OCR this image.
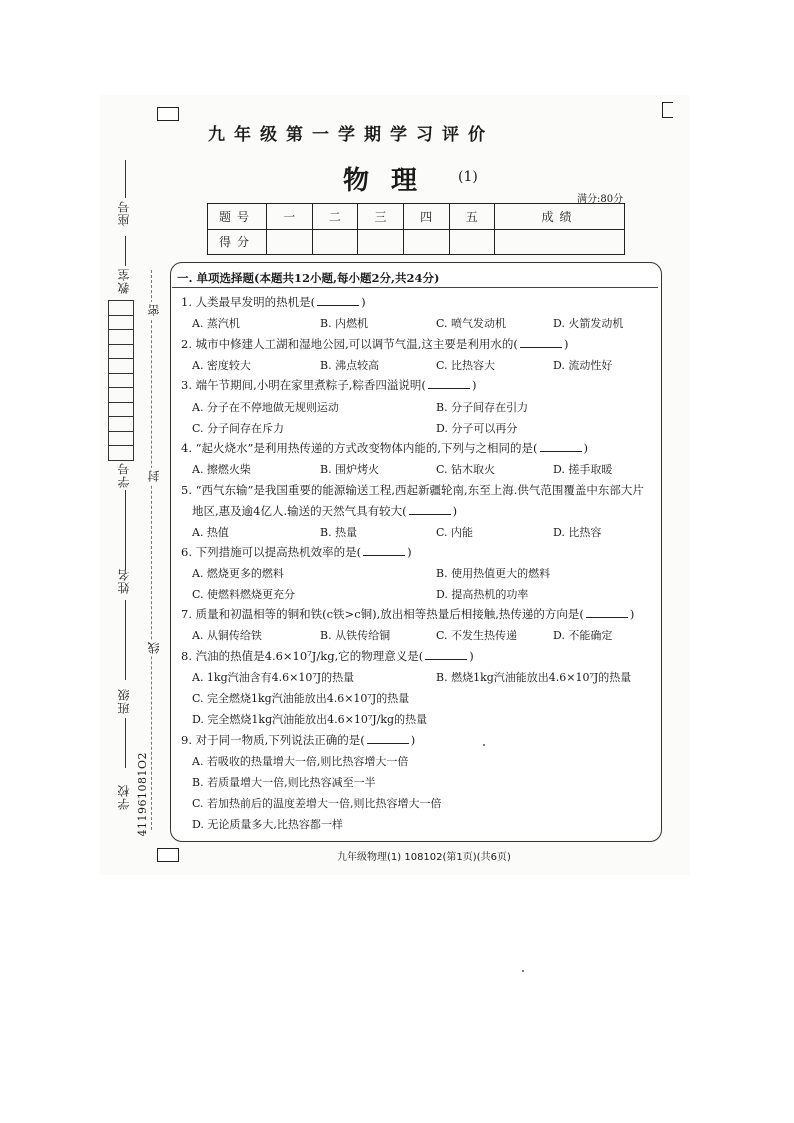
座号
教室
学号
姓名
班级
学校 411961081O2
密
封
线
九年级第一学期学习评价
物理 (1)
满分:80分
题号	一	二	三	四	五	成绩
得分						
一. 单项选择题(本题共12小题,每小题2分,共24分)
1. 人类最早发明的热机是(	)
A. 蒸汽机	B. 内燃机	C. 喷气发动机	D. 火箭发动机
2. 城市中修建人工湖和湿地公园,可以调节气温,这主要是利用水的(	)
A. 密度较大	B. 沸点较高	C. 比热容大	D. 流动性好
3. 端午节期间,小明在家里煮粽子,粽香四溢说明(	)
A. 分子在不停地做无规则运动	B. 分子间存在引力
C. 分子间存在斥力	D. 分子可以再分
4. “起火烧水”是利用热传递的方式改变物体内能的,下列与之相同的是(	)
A. 擦燃火柴	B. 围炉烤火	C. 钻木取火	D. 搓手取暖
5. “西气东输”是我国重要的能源输送工程,西起新疆轮南,东至上海.供气范围覆盖中东部大片
地区,惠及逾4亿人.输送的天然气具有较大(	)
A. 热值	B. 热量	C. 内能	D. 比热容
6. 下列措施可以提高热机效率的是(	)
A. 燃烧更多的燃料	B. 使用热值更大的燃料
C. 使燃料燃烧更充分	D. 提高热机的功率
7. 质量和初温相等的铜和铁(c铁>c铜),放出相等热量后相接触,热传递的方向是(	)
A. 从铜传给铁	B. 从铁传给铜	C. 不发生热传递	D. 不能确定
8. 汽油的热值是4.6×10⁷J/kg,它的物理意义是(	)
A. 1kg汽油含有4.6×10⁷J的热量	B. 燃烧1kg汽油能放出4.6×10⁷J的热量
C. 完全燃烧1kg汽油能放出4.6×10⁷J的热量
D. 完全燃烧1kg汽油能放出4.6×10⁷J/kg的热量
9. 对于同一物质,下列说法正确的是(	)
A. 若吸收的热量增大一倍,则比热容增大一倍
B. 若质量增大一倍,则比热容减至一半
C. 若加热前后的温度差增大一倍,则比热容增大一倍
D. 无论质量多大,比热容都一样
九年级物理(1) 108102(第1页)(共6页)
